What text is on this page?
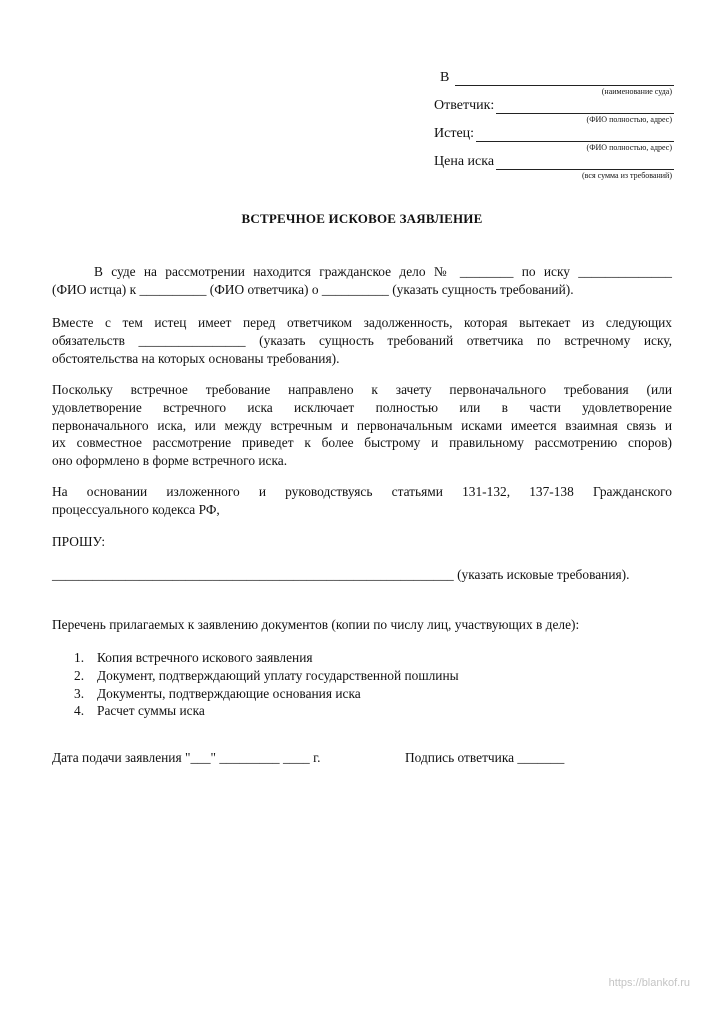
В
(наименование суда)
Ответчик:
(ФИО полностью, адрес)
Истец:
(ФИО полностью, адрес)
Цена иска
(вся сумма из требований)
ВСТРЕЧНОЕ ИСКОВОЕ ЗАЯВЛЕНИЕ
В суде на рассмотрении находится гражданское дело № ________ по иску ______________
(ФИО истца) к __________ (ФИО ответчика) о __________ (указать сущность требований).
Вместе с тем истец имеет перед ответчиком задолженность, которая вытекает из следующих
обязательств ________________ (указать сущность требований ответчика по встречному иску,
обстоятельства на которых основаны требования).
Поскольку встречное требование направлено к зачету первоначального требования (или
удовлетворение встречного иска исключает полностью или в части удовлетворение
первоначального иска, или между встречным и первоначальным исками имеется взаимная связь и
их совместное рассмотрение приведет к более быстрому и правильному рассмотрению споров)
оно оформлено в форме встречного иска.
На основании изложенного и руководствуясь статьями 131-132, 137-138 Гражданского
процессуального кодекса РФ,
ПРОШУ:
____________________________________________________________ (указать исковые требования).
Перечень прилагаемых к заявлению документов (копии по числу лиц, участвующих в деле):
1. Копия встречного искового заявления
2. Документ, подтверждающий уплату государственной пошлины
3. Документы, подтверждающие основания иска
4. Расчет суммы иска
Дата подачи заявления "___" _________ ____ г.	Подпись ответчика _______
https://blankof.ru
